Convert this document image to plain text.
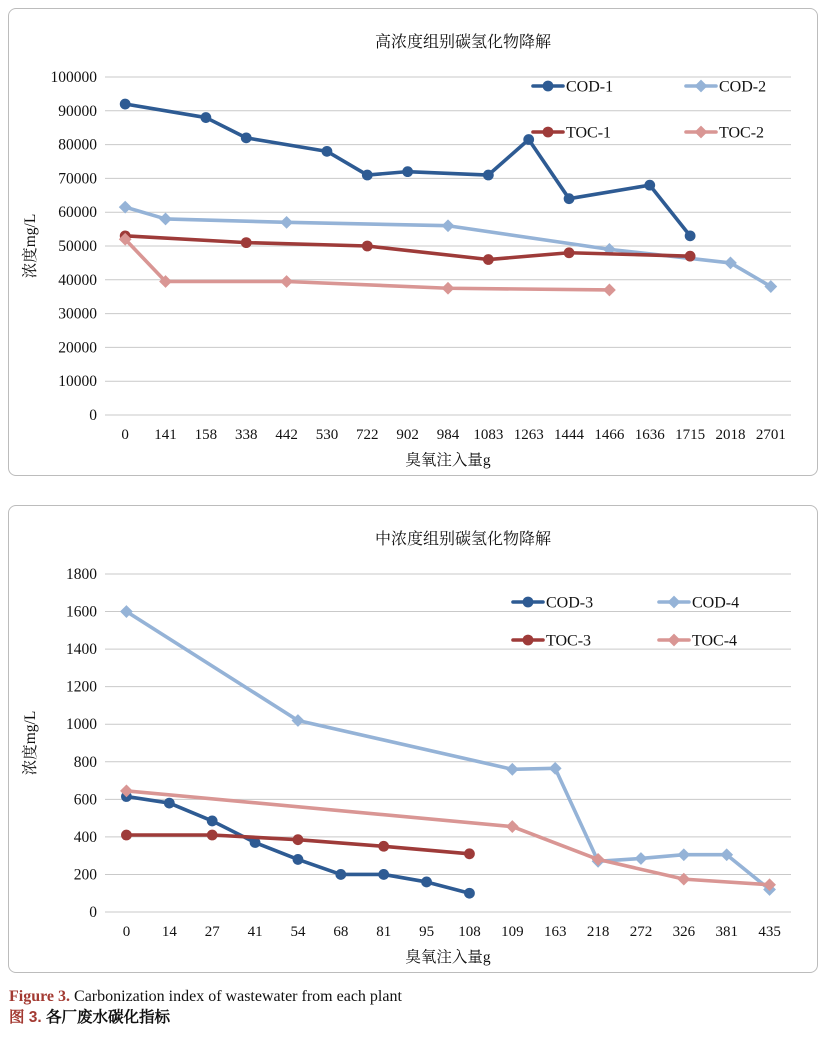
高浓度组别碳氢化物降解
0
10000
20000
30000
40000
50000
60000
70000
80000
90000
100000
0 141 158 338 442 530 722 902 984 1083 1263 1444 1466 1636 1715 2018 2701
臭氧注入量g
浓度mg/L
COD-1	COD-2
TOC-1	TOC-2
中浓度组别碳氢化物降解
0
200
400
600
800
1000
1200
1400
1600
1800
0 14 27 41 54 68 81 95 108 109 163 218 272 326 381 435
臭氧注入量g
浓度mg/L
COD-3	COD-4
TOC-3	TOC-4
Figure 3. Carbonization index of wastewater from each plant
图 3. 各厂废水碳化指标
